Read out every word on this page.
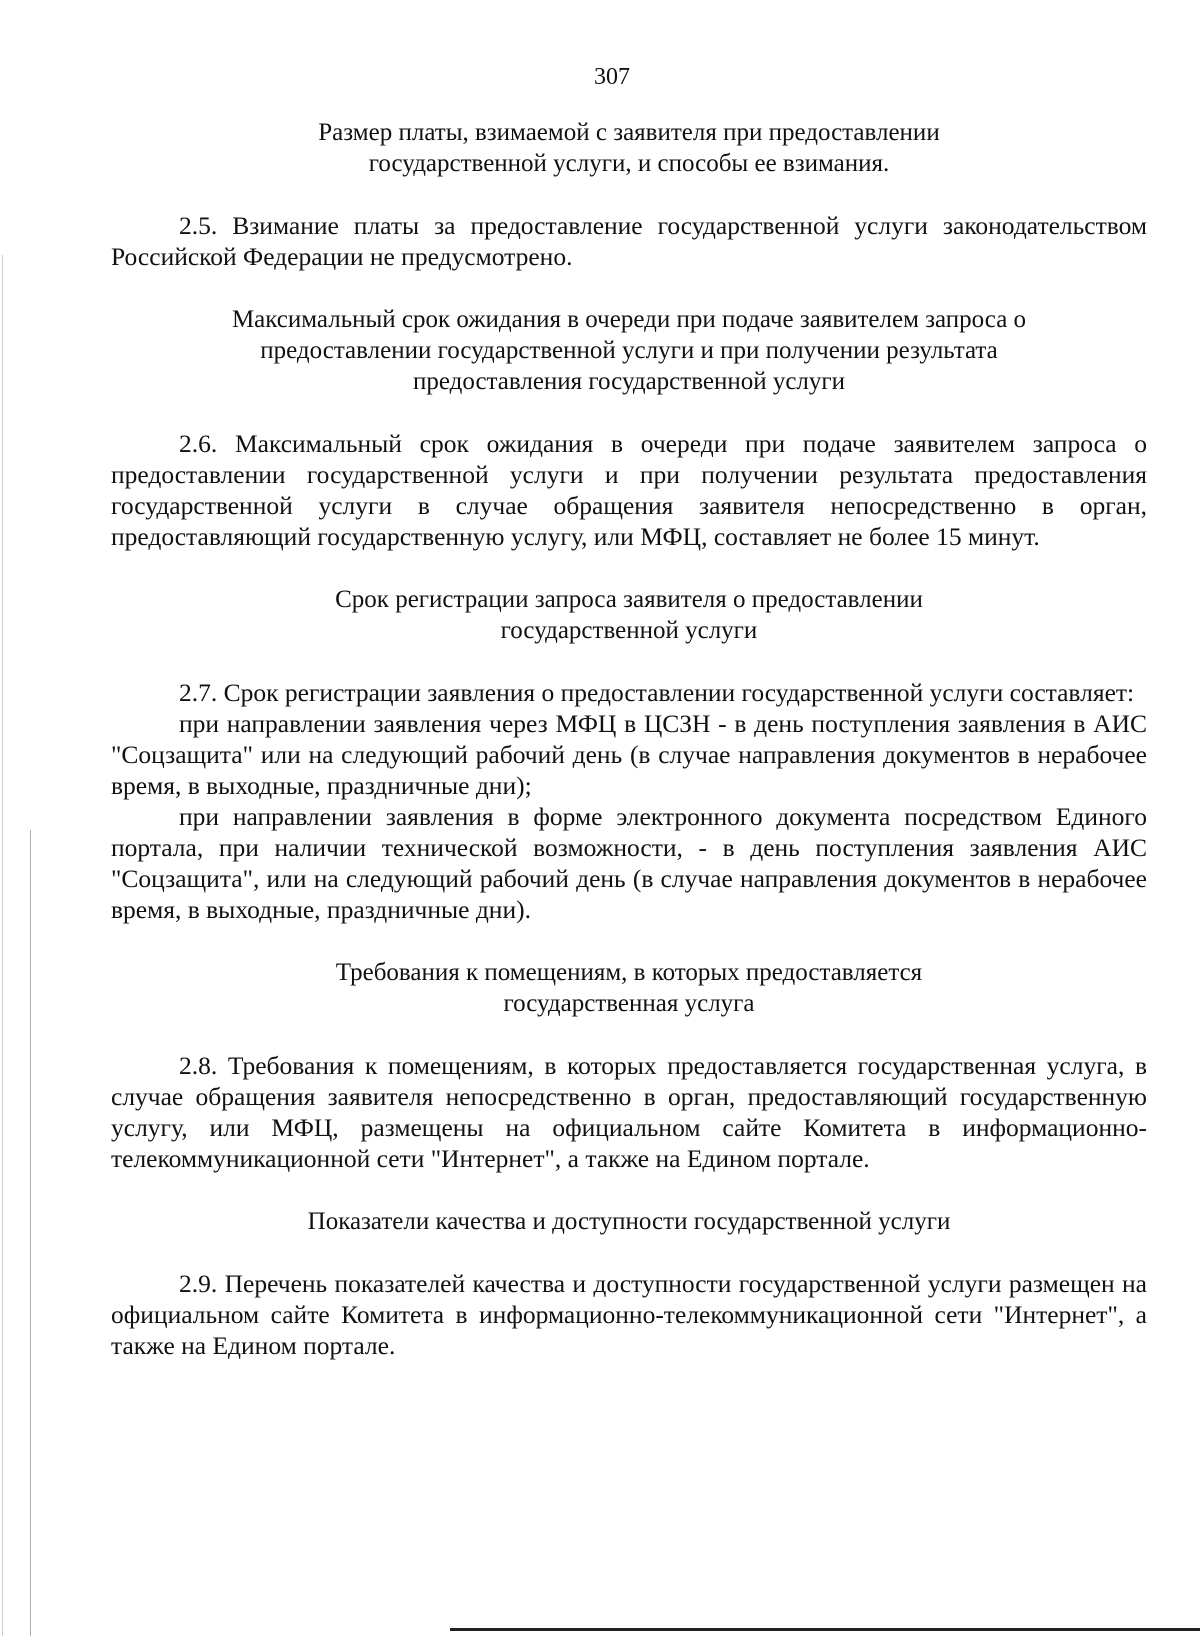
307

Размер платы, взимаемой с заявителя при предоставлении
государственной услуги, и способы ее взимания.

2.5. Взимание платы за предоставление государственной услуги законодательством Российской Федерации не предусмотрено.

Максимальный срок ожидания в очереди при подаче заявителем запроса о
предоставлении государственной услуги и при получении результата
предоставления государственной услуги

2.6. Максимальный срок ожидания в очереди при подаче заявителем запроса о предоставлении государственной услуги и при получении результата предоставления государственной услуги в случае обращения заявителя непосредственно в орган, предоставляющий государственную услугу, или МФЦ, составляет не более 15 минут.

Срок регистрации запроса заявителя о предоставлении
государственной услуги

2.7. Срок регистрации заявления о предоставлении государственной услуги составляет:

при направлении заявления через МФЦ в ЦСЗН - в день поступления заявления в АИС "Соцзащита" или на следующий рабочий день (в случае направления документов в нерабочее время, в выходные, праздничные дни);

при направлении заявления в форме электронного документа посредством Единого портала, при наличии технической возможности, - в день поступления заявления АИС "Соцзащита", или на следующий рабочий день (в случае направления документов в нерабочее время, в выходные, праздничные дни).

Требования к помещениям, в которых предоставляется
государственная услуга

2.8. Требования к помещениям, в которых предоставляется государственная услуга, в случае обращения заявителя непосредственно в орган, предоставляющий государственную услугу, или МФЦ, размещены на официальном сайте Комитета в информационно-телекоммуникационной сети "Интернет", а также на Едином портале.

Показатели качества и доступности государственной услуги

2.9. Перечень показателей качества и доступности государственной услуги размещен на официальном сайте Комитета в информационно-телекоммуникационной сети "Интернет", а также на Едином портале.
